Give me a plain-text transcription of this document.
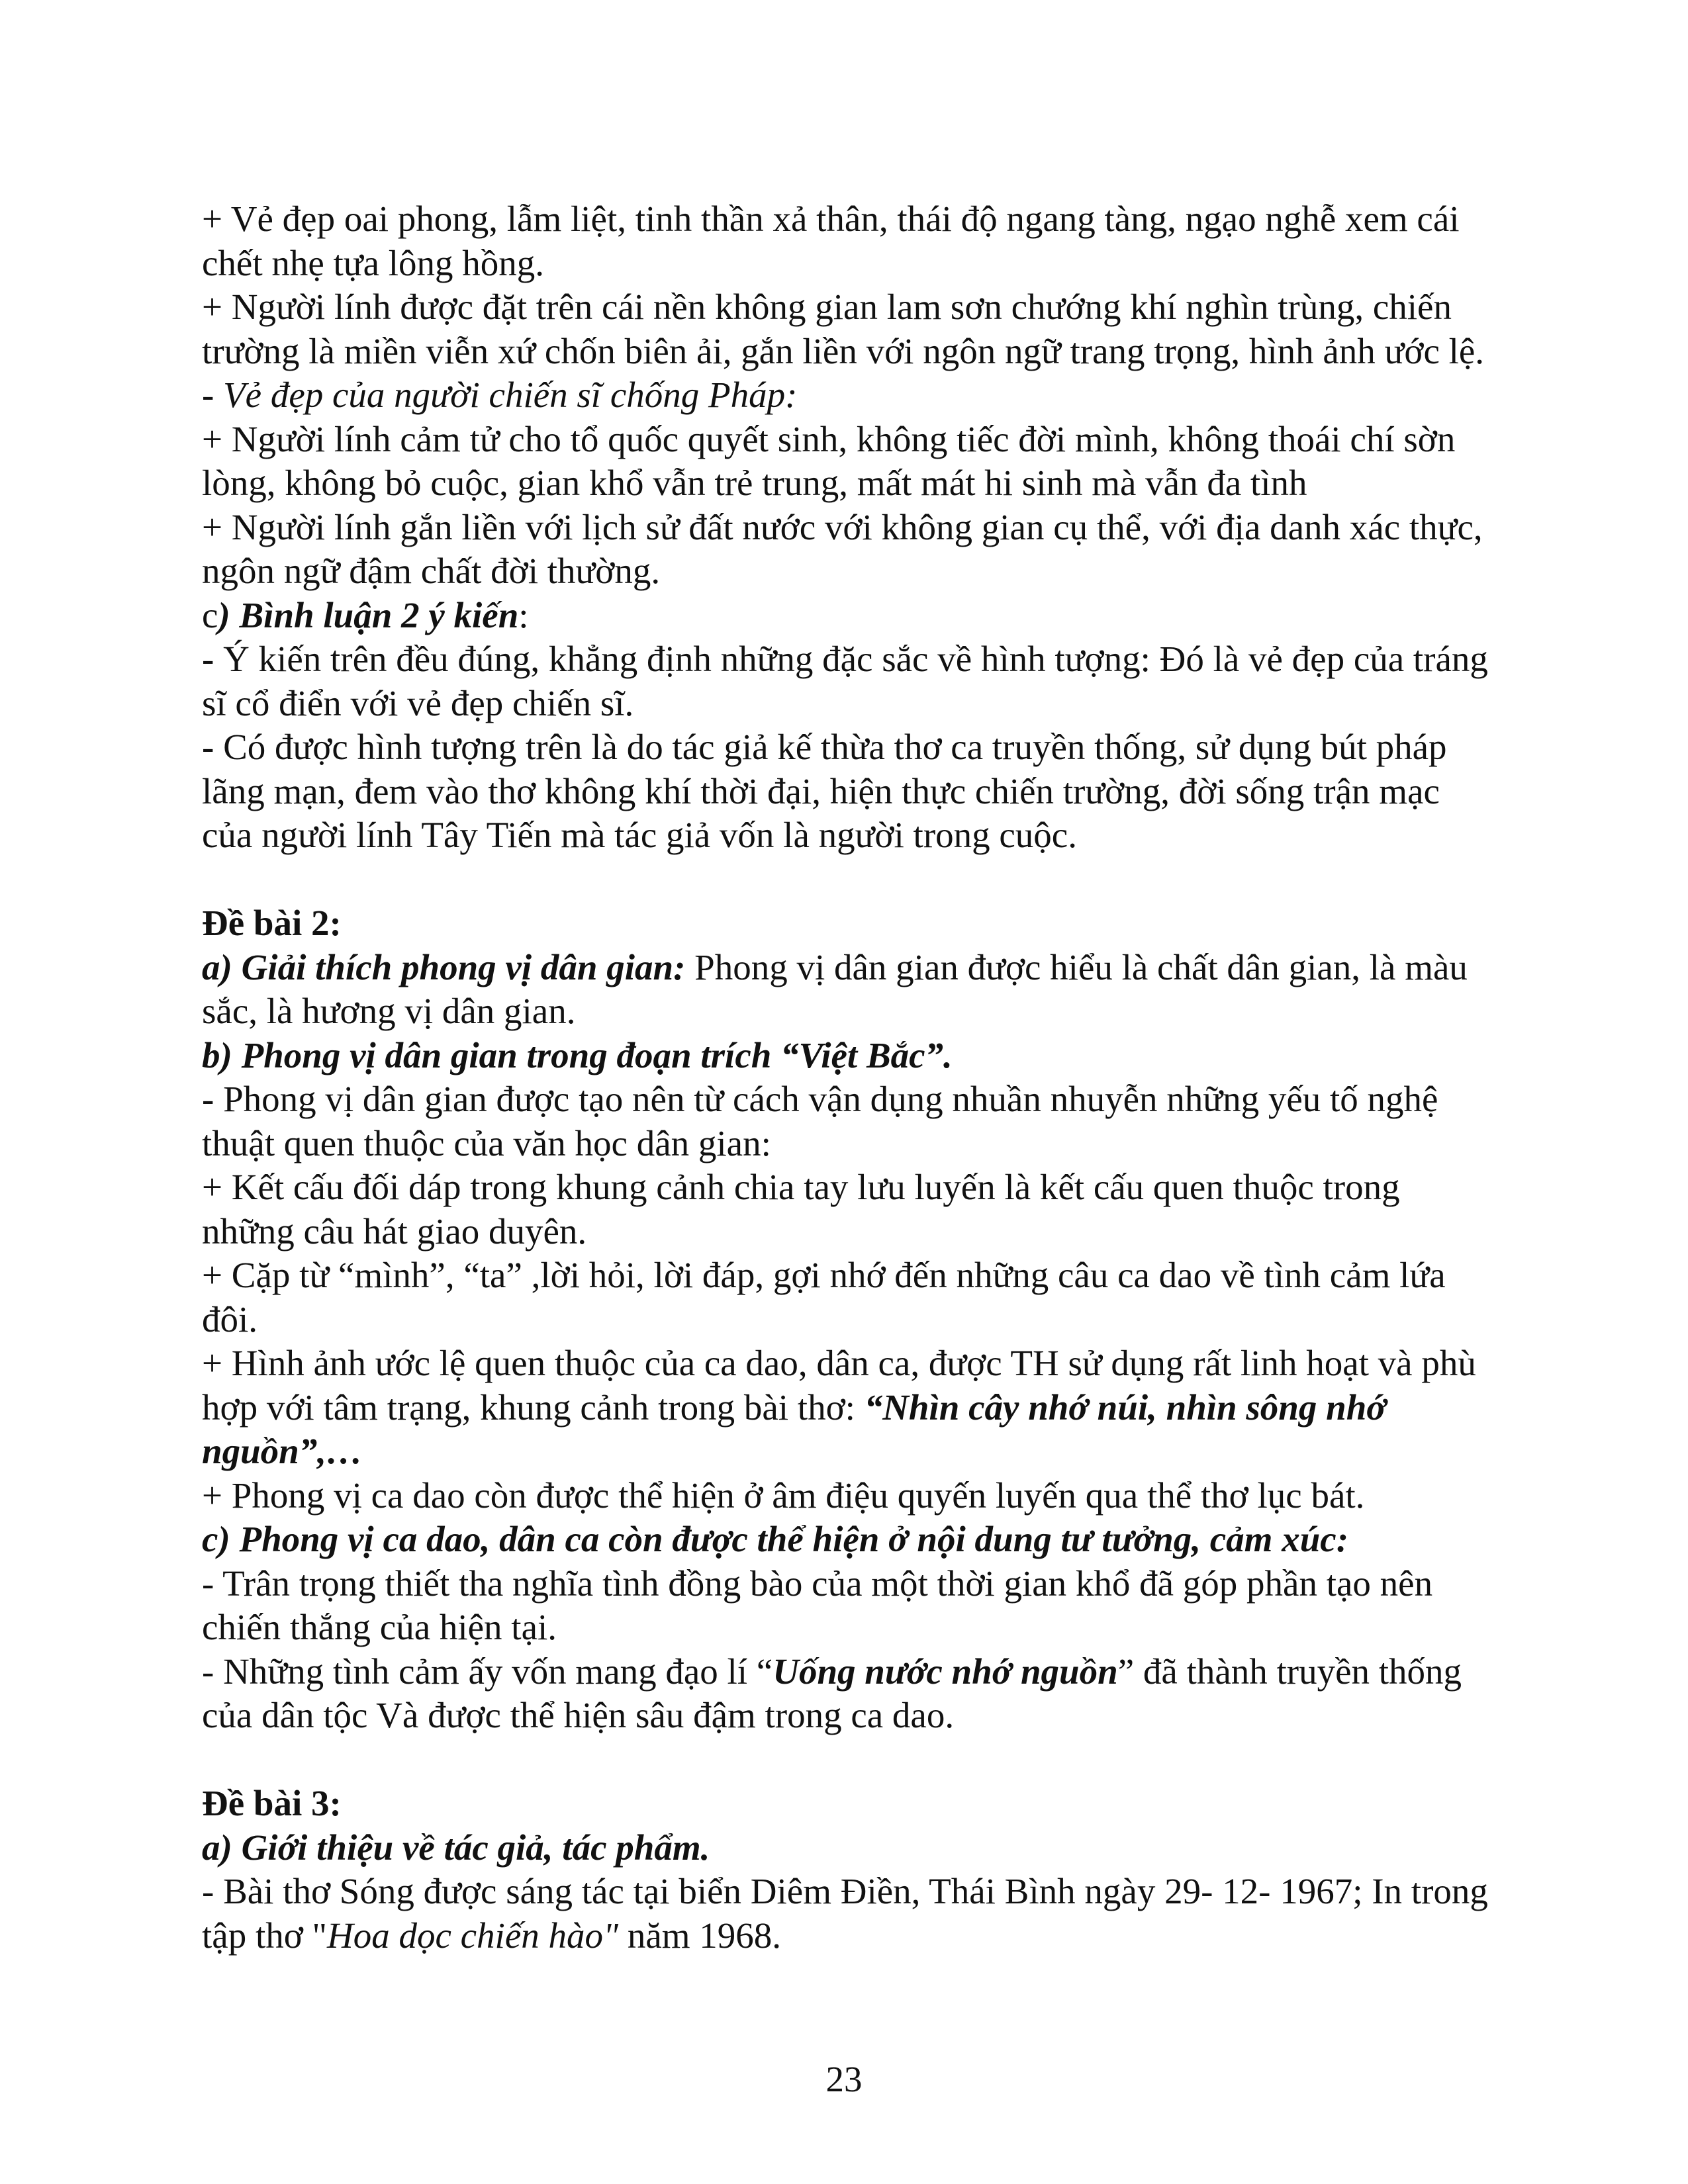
+ Vẻ đẹp oai phong, lẫm liệt, tinh thần xả thân, thái độ ngang tàng, ngạo nghễ xem cái
chết nhẹ tựa lông hồng.
+ Người lính được đặt trên cái nền không gian lam sơn chướng khí nghìn trùng, chiến
trường là miền viễn xứ chốn biên ải, gắn liền với ngôn ngữ trang trọng, hình ảnh ước lệ.
- Vẻ đẹp của người chiến sĩ chống Pháp:
+ Người lính cảm tử cho tổ quốc quyết sinh, không tiếc đời mình, không thoái chí sờn
lòng, không bỏ cuộc, gian khổ vẫn trẻ trung, mất mát hi sinh mà vẫn đa tình
+ Người lính gắn liền với lịch sử đất nước với không gian cụ thể, với địa danh xác thực,
ngôn ngữ đậm chất đời thường.
c) Bình luận 2 ý kiến:
- Ý kiến trên đều đúng, khẳng định những đặc sắc về hình tượng: Đó là vẻ đẹp của tráng
sĩ cổ điển với vẻ đẹp chiến sĩ.
- Có được hình tượng trên là do tác giả kế thừa thơ ca truyền thống, sử dụng bút pháp
lãng mạn, đem vào thơ không khí thời đại, hiện thực chiến trường, đời sống trận mạc
của người lính Tây Tiến mà tác giả vốn là người trong cuộc.
Đề bài 2:
a) Giải thích phong vị dân gian: Phong vị dân gian được hiểu là chất dân gian, là màu
sắc, là hương vị dân gian.
b) Phong vị dân gian trong đoạn trích “Việt Bắc”.
- Phong vị dân gian được tạo nên từ cách vận dụng nhuần nhuyễn những yếu tố nghệ
thuật quen thuộc của văn học dân gian:
+ Kết cấu đối dáp trong khung cảnh chia tay lưu luyến là kết cấu quen thuộc trong
những câu hát giao duyên.
+ Cặp từ “mình”, “ta” ,lời hỏi, lời đáp, gợi nhớ đến những câu ca dao về tình cảm lứa
đôi.
+ Hình ảnh ước lệ quen thuộc của ca dao, dân ca, được TH sử dụng rất linh hoạt và phù
hợp với tâm trạng, khung cảnh trong bài thơ: “Nhìn cây nhớ núi, nhìn sông nhớ
nguồn”,…
+ Phong vị ca dao còn được thể hiện ở âm điệu quyến luyến qua thể thơ lục bát.
c) Phong vị ca dao, dân ca còn được thể hiện ở nội dung tư tưởng, cảm xúc:
- Trân trọng thiết tha nghĩa tình đồng bào của một thời gian khổ đã góp phần tạo nên
chiến thắng của hiện tại.
- Những tình cảm ấy vốn mang đạo lí “Uống nước nhớ nguồn” đã thành truyền thống
của dân tộc Và được thể hiện sâu đậm trong ca dao.
Đề bài 3:
a) Giới thiệu về tác giả, tác phẩm.
- Bài thơ Sóng được sáng tác tại biển Diêm Điền, Thái Bình ngày 29- 12- 1967; In trong
tập thơ "Hoa dọc chiến hào" năm 1968.
23
